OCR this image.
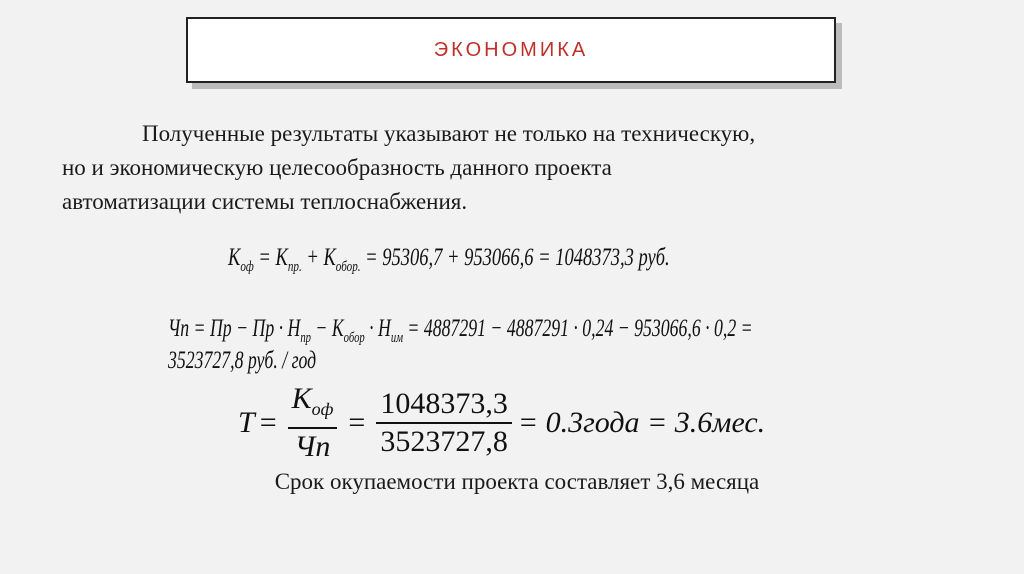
ЭКОНОМИКА
Полученные результаты указывают не только на техническую,
но и экономическую целесообразность данного проекта
автоматизации системы теплоснабжения.
$K_{оф} = K_{пр.} + K_{обор.} = 95306,7 + 953066,6 = 1048373,3$ руб.
Чп = Пр − Пр · $Н_{пр} - K_{обор} \cdot Н_{им} = 4887291 - 4887291 \cdot 0,24 - 953066,6 \cdot 0,2 = 3523727,8$ руб. / год
$T = \frac{K_{оф}}{Чп} = \frac{1048373,3}{3523727,8}$ = 0.3года = 3.6мес.
Срок окупаемости проекта составляет 3,6 месяца
